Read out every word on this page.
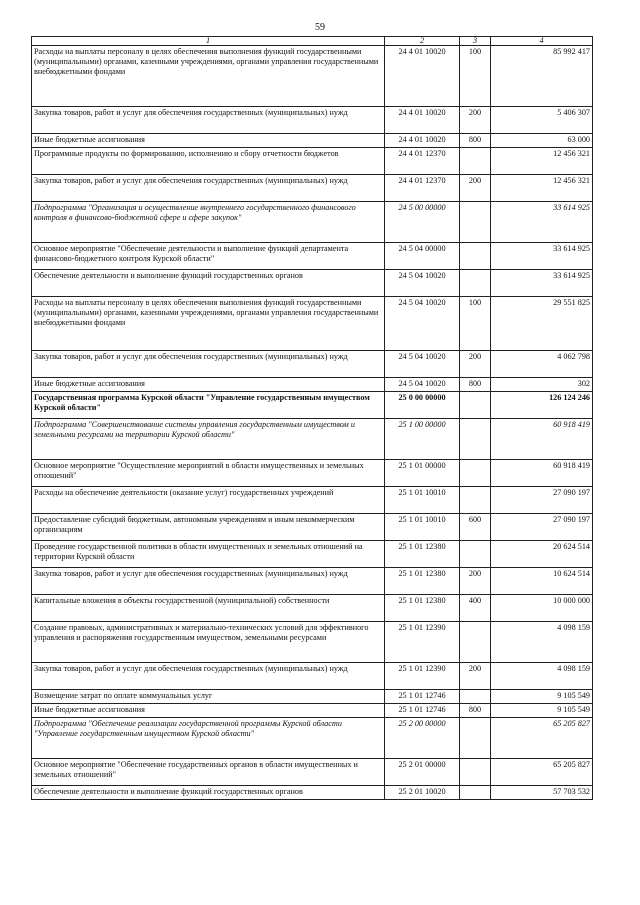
59
1	2	3	4
Расходы на выплаты персоналу в целях обеспечения выполнения функций государственными (муниципальными) органами, казенными учреждениями, органами управления государственными внебюджетными фондами	24 4 01 10020	100	85 992 417
Закупка товаров, работ и услуг для обеспечения государственных (муниципальных) нужд	24 4 01 10020	200	5 406 307
Иные бюджетные ассигнования	24 4 01 10020	800	63 000
Программные продукты по формированию, исполнению и сбору отчетности бюджетов	24 4 01 12370		12 456 321
Закупка товаров, работ и услуг для обеспечения государственных (муниципальных) нужд	24 4 01 12370	200	12 456 321
Подпрограмма "Организация и осуществление внутреннего государственного финансового контроля в финансово-бюджетной сфере и сфере закупок"	24 5 00 00000		33 614 925
Основное мероприятие "Обеспечение деятельности и выполнение функций департамента финансово-бюджетного контроля Курской области"	24 5 04 00000		33 614 925
Обеспечение деятельности и выполнение функций государственных органов	24 5 04 10020		33 614 925
Расходы на выплаты персоналу в целях обеспечения выполнения функций государственными (муниципальными) органами, казенными учреждениями, органами управления государственными внебюджетными фондами	24 5 04 10020	100	29 551 825
Закупка товаров, работ и услуг для обеспечения государственных (муниципальных) нужд	24 5 04 10020	200	4 062 798
Иные бюджетные ассигнования	24 5 04 10020	800	302
Государственная программа Курской области "Управление государственным имуществом Курской области"	25 0 00 00000		126 124 246
Подпрограмма "Совершенствование системы управления государственным имуществом и земельными ресурсами на территории Курской области"	25 1 00 00000		60 918 419
Основное мероприятие "Осуществление мероприятий в области имущественных и земельных отношений"	25 1 01 00000		60 918 419
Расходы на обеспечение деятельности (оказание услуг) государственных учреждений	25 1 01 10010		27 090 197
Предоставление субсидий бюджетным, автономным учреждениям и иным некоммерческим организациям	25 1 01 10010	600	27 090 197
Проведение государственной политики в области имущественных и земельных отношений на территории Курской области	25 1 01 12380		20 624 514
Закупка товаров, работ и услуг для обеспечения государственных (муниципальных) нужд	25 1 01 12380	200	10 624 514
Капитальные вложения в объекты государственной (муниципальной) собственности	25 1 01 12380	400	10 000 000
Создание правовых, административных и материально-технических условий для эффективного управления и распоряжения государственным имуществом, земельными ресурсами	25 1 01 12390		4 098 159
Закупка товаров, работ и услуг для обеспечения государственных (муниципальных) нужд	25 1 01 12390	200	4 098 159
Возмещение затрат по оплате коммунальных услуг	25 1 01 12746		9 105 549
Иные бюджетные ассигнования	25 1 01 12746	800	9 105 549
Подпрограмма "Обеспечение реализации государственной программы Курской области "Управление государственным имуществом Курской области"	25 2 00 00000		65 205 827
Основное мероприятие "Обеспечение государственных органов в области имущественных и земельных отношений"	25 2 01 00000		65 205 827
Обеспечение деятельности и выполнение функций государственных органов	25 2 01 10020		57 703 532
